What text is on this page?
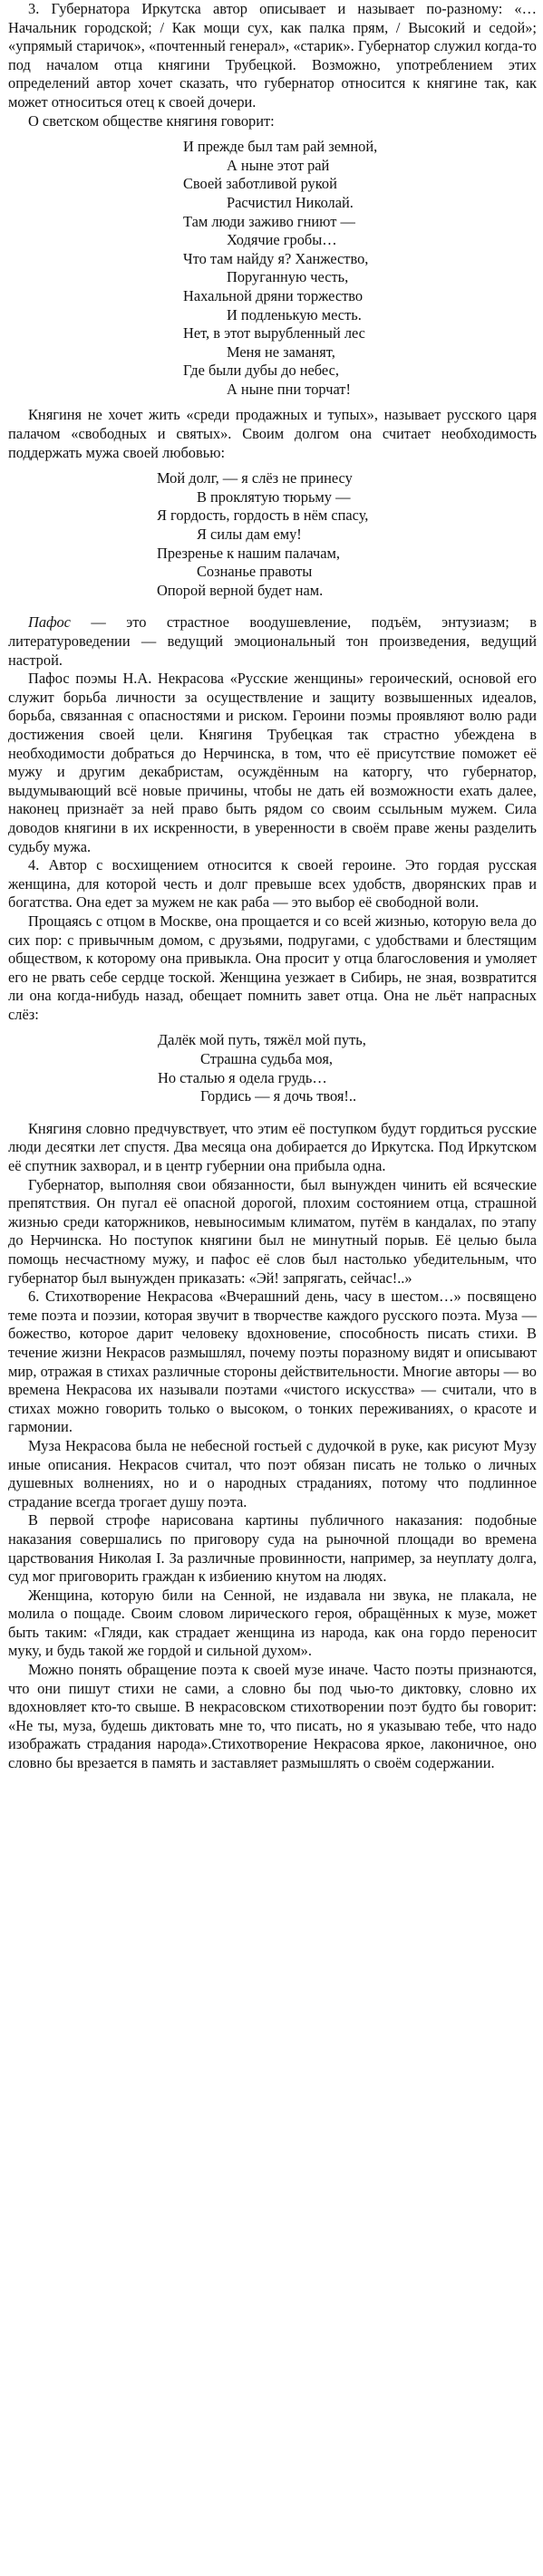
3. Губернатора Иркутска автор описывает и называет по-разному: «…Начальник городской; / Как мощи сух, как палка прям, / Высокий и седой»; «упрямый старичок», «почтенный генерал», «старик». Губернатор служил когда-то под началом отца княгини Трубецкой. Возможно, употреблением этих определений автор хочет сказать, что губернатор относится к княгине так, как может относиться отец к своей дочери.

О светском обществе княгиня говорит:

И прежде был там рай земной,
А ныне этот рай
Своей заботливой рукой
Расчистил Николай.
Там люди заживо гниют —
Ходячие гробы…
Что там найду я? Ханжество,
Поруганную честь,
Нахальной дряни торжество
И подленькую месть.
Нет, в этот вырубленный лес
Меня не заманят,
Где были дубы до небес,
А ныне пни торчат!

Княгиня не хочет жить «среди продажных и тупых», называет русского царя палачом «свободных и святых». Своим долгом она считает необходимость поддержать мужа своей любовью:

Мой долг, — я слёз не принесу
В проклятую тюрьму —
Я гордость, гордость в нём спасу,
Я силы дам ему!
Презренье к нашим палачам,
Сознанье правоты
Опорой верной будет нам.

Пафос — это страстное воодушевление, подъём, энтузиазм; в литературоведении — ведущий эмоциональный тон произведения, ведущий настрой.

Пафос поэмы Н.А. Некрасова «Русские женщины» героический, основой его служит борьба личности за осуществление и защиту возвышенных идеалов, борьба, связанная с опасностями и риском. Героини поэмы проявляют волю ради достижения своей цели. Княгиня Трубецкая так страстно убеждена в необходимости добраться до Нерчинска, в том, что её присутствие поможет её мужу и другим декабристам, осуждённым на каторгу, что губернатор, выдумывающий всё новые причины, чтобы не дать ей возможности ехать далее, наконец признаёт за ней право быть рядом со своим ссыльным мужем. Сила доводов княгини в их искренности, в уверенности в своём праве жены разделить судьбу мужа.

4. Автор с восхищением относится к своей героине. Это гордая русская женщина, для которой честь и долг превыше всех удобств, дворянских прав и богатства. Она едет за мужем не как раба — это выбор её свободной воли.

Прощаясь с отцом в Москве, она прощается и со всей жизнью, которую вела до сих пор: с привычным домом, с друзьями, подругами, с удобствами и блестящим обществом, к которому она привыкла. Она просит у отца благословения и умоляет его не рвать себе сердце тоской. Женщина уезжает в Сибирь, не зная, возвратится ли она когда-нибудь назад, обещает помнить завет отца. Она не льёт напрасных слёз:

Далёк мой путь, тяжёл мой путь,
Страшна судьба моя,
Но сталью я одела грудь…
Гордись — я дочь твоя!..

Княгиня словно предчувствует, что этим её поступком будут гордиться русские люди десятки лет спустя. Два месяца она добирается до Иркутска. Под Иркутском её спутник захворал, и в центр губернии она прибыла одна.

Губернатор, выполняя свои обязанности, был вынужден чинить ей всяческие препятствия. Он пугал её опасной дорогой, плохим состоянием отца, страшной жизнью среди каторжников, невыносимым климатом, путём в кандалах, по этапу до Нерчинска. Но поступок княгини был не минутный порыв. Её целью была помощь несчастному мужу, и пафос её слов был настолько убедительным, что губернатор был вынужден приказать: «Эй! запрягать, сейчас!..»

6. Стихотворение Некрасова «Вчерашний день, часу в шестом…» посвящено теме поэта и поэзии, которая звучит в творчестве каждого русского поэта. Муза — божество, которое дарит человеку вдохновение, способность писать стихи. В течение жизни Некрасов размышлял, почему поэты поразному видят и описывают мир, отражая в стихах различные стороны действительности. Многие авторы — во времена Некрасова их называли поэтами «чистого искусства» — считали, что в стихах можно говорить только о высоком, о тонких переживаниях, о красоте и гармонии.

Муза Некрасова была не небесной гостьей с дудочкой в руке, как рисуют Музу иные описания. Некрасов считал, что поэт обязан писать не только о личных душевных волнениях, но и о народных страданиях, потому что подлинное страдание всегда трогает душу поэта.

В первой строфе нарисована картины публичного наказания: подобные наказания совершались по приговору суда на рыночной площади во времена царствования Николая I. За различные провинности, например, за неуплату долга, суд мог приговорить граждан к избиению кнутом на людях.

Женщина, которую били на Сенной, не издавала ни звука, не плакала, не молила о пощаде. Своим словом лирического героя, обращённых к музе, может быть таким: «Гляди, как страдает женщина из народа, как она гордо переносит муку, и будь такой же гордой и сильной духом».

Можно понять обращение поэта к своей музе иначе. Часто поэты признаются, что они пишут стихи не сами, а словно бы под чью-то диктовку, словно их вдохновляет кто-то свыше. В некрасовском стихотворении поэт будто бы говорит: «Не ты, муза, будешь диктовать мне то, что писать, но я указываю тебе, что надо изображать страдания народа».Стихотворение Некрасова яркое, лаконичное, оно словно бы врезается в память и заставляет размышлять о своём содержании.
